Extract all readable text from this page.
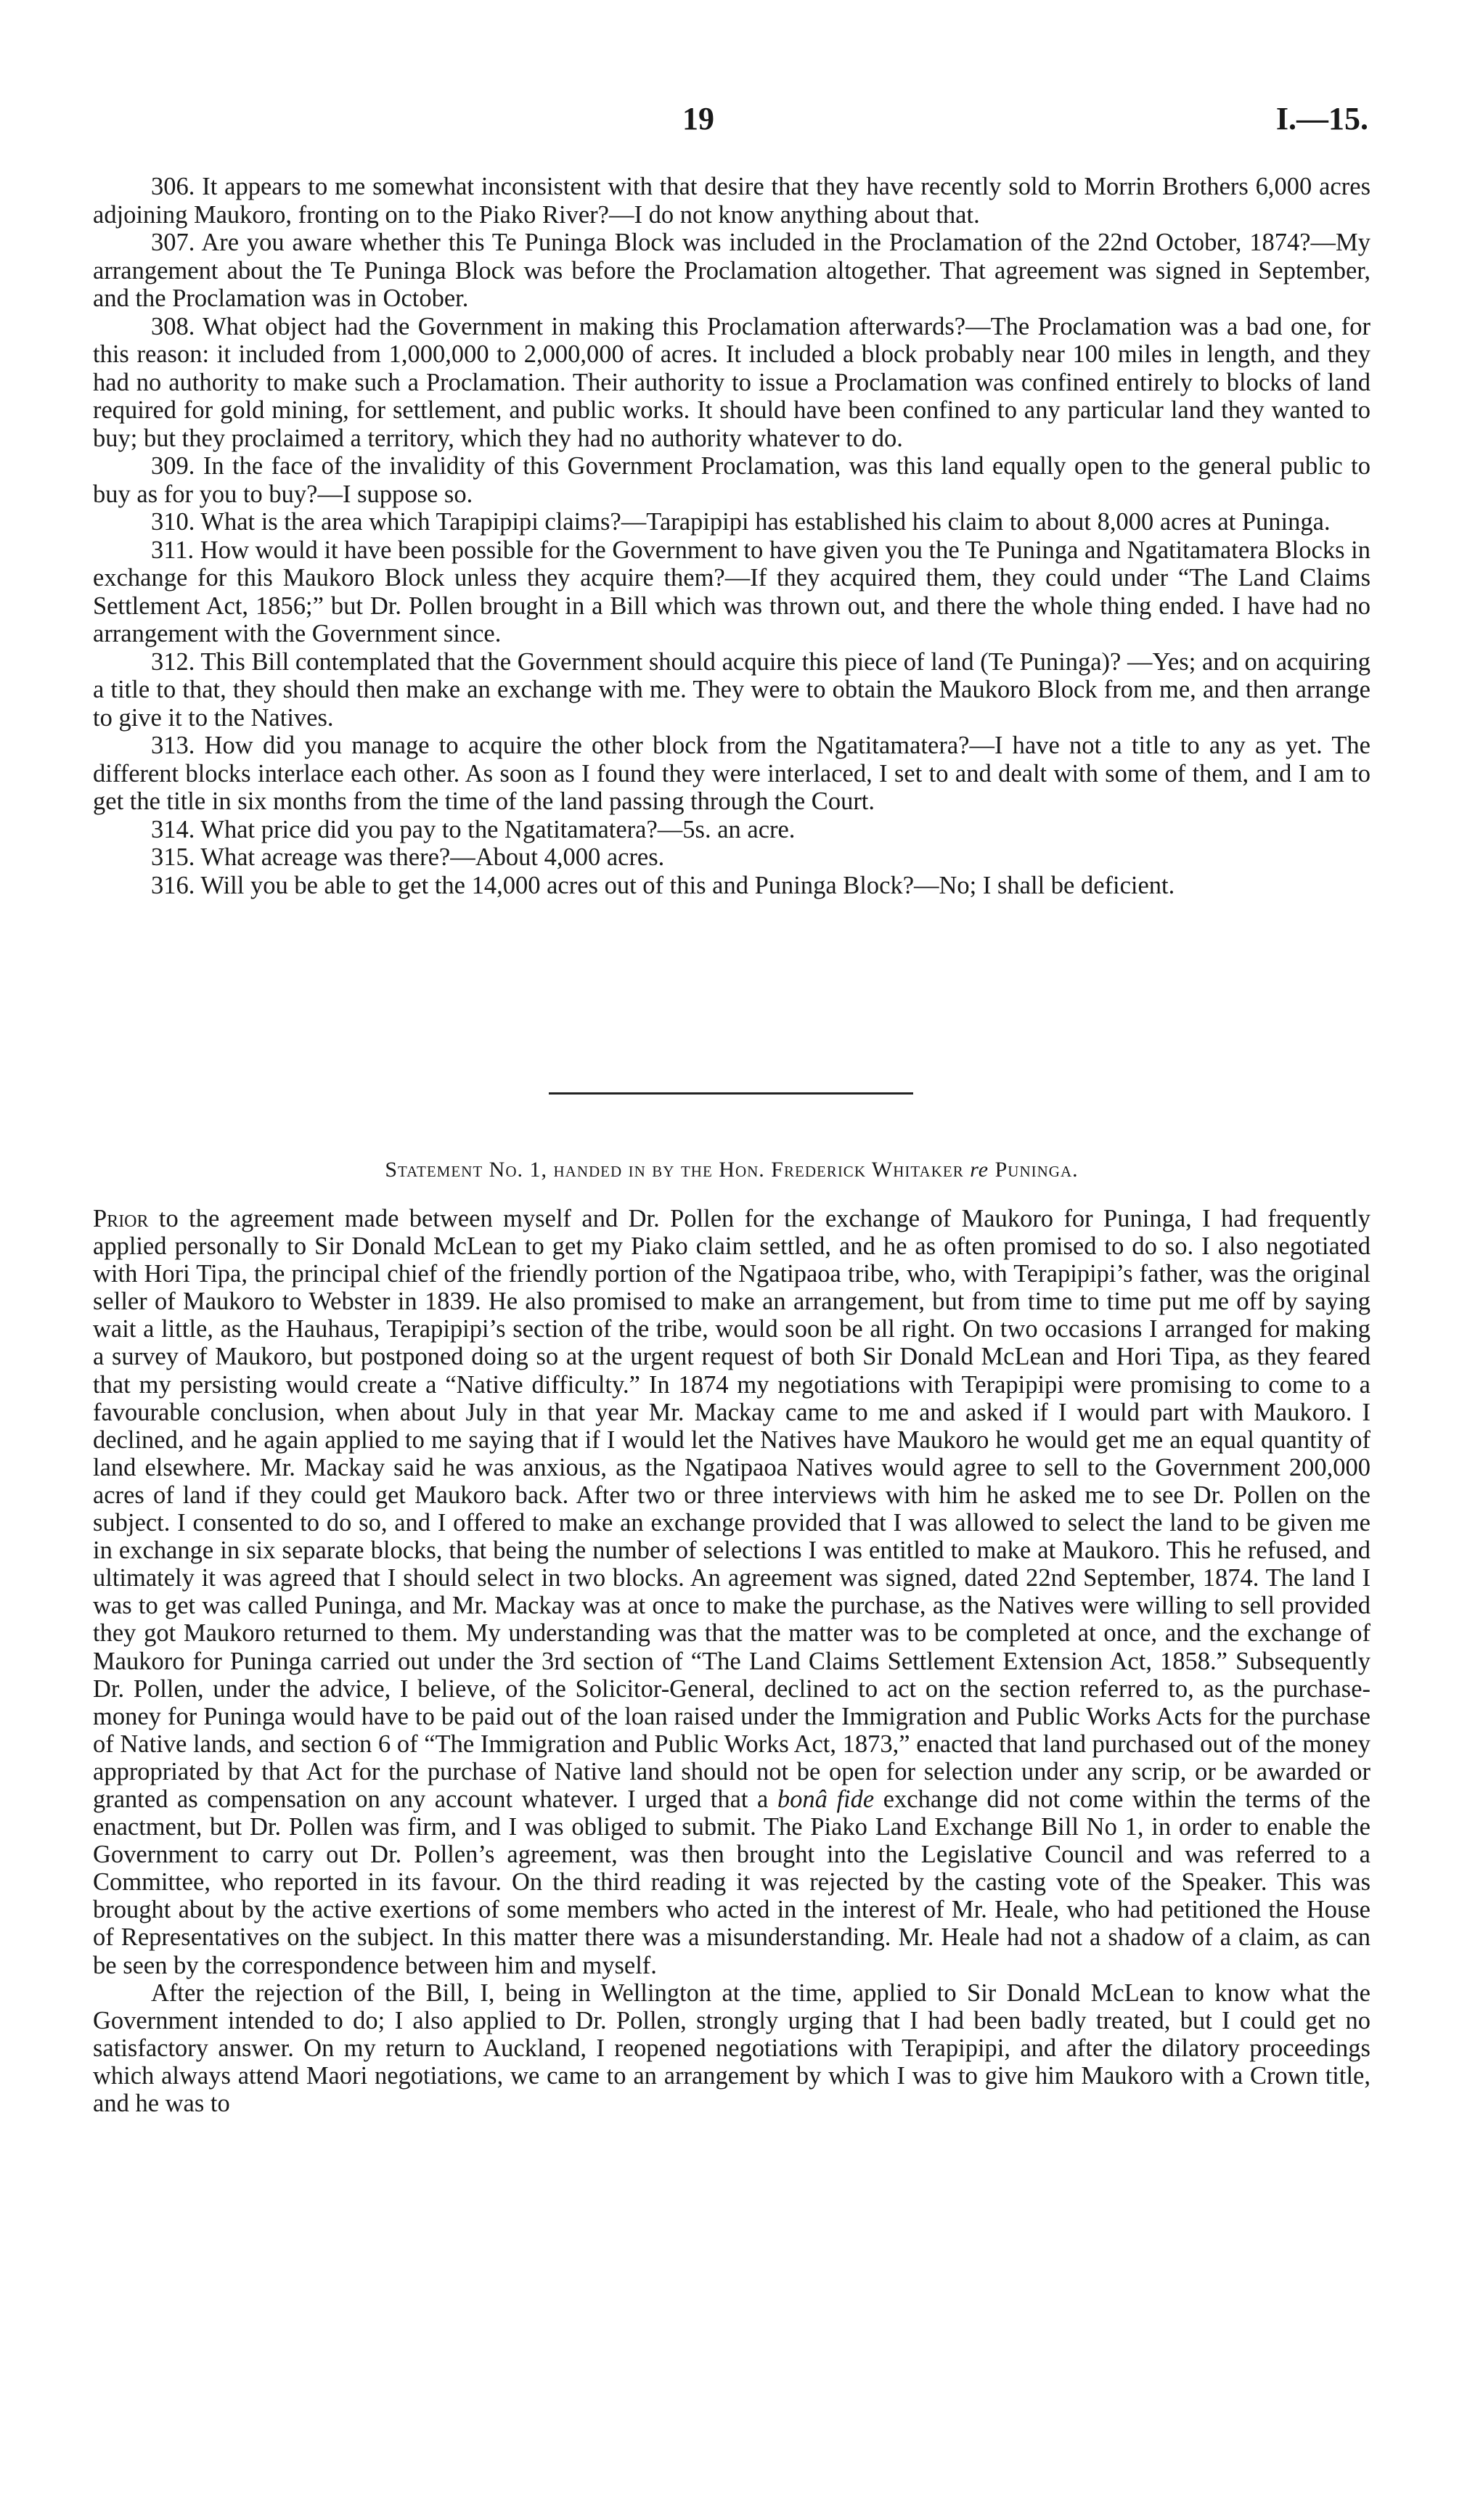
19	I.—15.

306. It appears to me somewhat inconsistent with that desire that they have recently sold to Morrin Brothers 6,000 acres adjoining Maukoro, fronting on to the Piako River?—I do not know anything about that.

307. Are you aware whether this Te Puninga Block was included in the Proclamation of the 22nd October, 1874?—My arrangement about the Te Puninga Block was before the Proclamation altogether. That agreement was signed in September, and the Proclamation was in October.

308. What object had the Government in making this Proclamation afterwards?—The Proclamation was a bad one, for this reason: it included from 1,000,000 to 2,000,000 of acres. It included a block probably near 100 miles in length, and they had no authority to make such a Proclamation. Their authority to issue a Proclamation was confined entirely to blocks of land required for gold mining, for settlement, and public works. It should have been confined to any particular land they wanted to buy; but they proclaimed a territory, which they had no authority whatever to do.

309. In the face of the invalidity of this Government Proclamation, was this land equally open to the general public to buy as for you to buy?—I suppose so.

310. What is the area which Tarapipipi claims?—Tarapipipi has established his claim to about 8,000 acres at Puninga.

311. How would it have been possible for the Government to have given you the Te Puninga and Ngatitamatera Blocks in exchange for this Maukoro Block unless they acquire them?—If they acquired them, they could under “The Land Claims Settlement Act, 1856;” but Dr. Pollen brought in a Bill which was thrown out, and there the whole thing ended. I have had no arrangement with the Government since.

312. This Bill contemplated that the Government should acquire this piece of land (Te Puninga)? —Yes; and on acquiring a title to that, they should then make an exchange with me. They were to obtain the Maukoro Block from me, and then arrange to give it to the Natives.

313. How did you manage to acquire the other block from the Ngatitamatera?—I have not a title to any as yet. The different blocks interlace each other. As soon as I found they were interlaced, I set to and dealt with some of them, and I am to get the title in six months from the time of the land passing through the Court.

314. What price did you pay to the Ngatitamatera?—5s. an acre.

315. What acreage was there?—About 4,000 acres.

316. Will you be able to get the 14,000 acres out of this and Puninga Block?—No; I shall be deficient.

Statement No. 1, handed in by the Hon. Frederick Whitaker re Puninga.

Prior to the agreement made between myself and Dr. Pollen for the exchange of Maukoro for Puninga, I had frequently applied personally to Sir Donald McLean to get my Piako claim settled, and he as often promised to do so. I also negotiated with Hori Tipa, the principal chief of the friendly portion of the Ngatipaoa tribe, who, with Terapipipi’s father, was the original seller of Maukoro to Webster in 1839. He also promised to make an arrangement, but from time to time put me off by saying wait a little, as the Hauhaus, Terapipipi’s section of the tribe, would soon be all right. On two occasions I arranged for making a survey of Maukoro, but postponed doing so at the urgent request of both Sir Donald McLean and Hori Tipa, as they feared that my persisting would create a “Native difficulty.” In 1874 my negotiations with Terapipipi were promising to come to a favourable conclusion, when about July in that year Mr. Mackay came to me and asked if I would part with Maukoro. I declined, and he again applied to me saying that if I would let the Natives have Maukoro he would get me an equal quantity of land elsewhere. Mr. Mackay said he was anxious, as the Ngatipaoa Natives would agree to sell to the Government 200,000 acres of land if they could get Maukoro back. After two or three interviews with him he asked me to see Dr. Pollen on the subject. I consented to do so, and I offered to make an exchange provided that I was allowed to select the land to be given me in exchange in six separate blocks, that being the number of selections I was entitled to make at Maukoro. This he refused, and ultimately it was agreed that I should select in two blocks. An agreement was signed, dated 22nd September, 1874. The land I was to get was called Puninga, and Mr. Mackay was at once to make the purchase, as the Natives were willing to sell provided they got Maukoro returned to them. My understanding was that the matter was to be completed at once, and the exchange of Maukoro for Puninga carried out under the 3rd section of “The Land Claims Settlement Extension Act, 1858.” Subsequently Dr. Pollen, under the advice, I believe, of the Solicitor-General, declined to act on the section referred to, as the purchase-money for Puninga would have to be paid out of the loan raised under the Immigration and Public Works Acts for the purchase of Native lands, and section 6 of “The Immigration and Public Works Act, 1873,” enacted that land purchased out of the money appropriated by that Act for the purchase of Native land should not be open for selection under any scrip, or be awarded or granted as compensation on any account whatever. I urged that a bonâ fide exchange did not come within the terms of the enactment, but Dr. Pollen was firm, and I was obliged to submit. The Piako Land Exchange Bill No 1, in order to enable the Government to carry out Dr. Pollen’s agreement, was then brought into the Legislative Council and was referred to a Committee, who reported in its favour. On the third reading it was rejected by the casting vote of the Speaker. This was brought about by the active exertions of some members who acted in the interest of Mr. Heale, who had petitioned the House of Representatives on the subject. In this matter there was a misunderstanding. Mr. Heale had not a shadow of a claim, as can be seen by the correspondence between him and myself.

After the rejection of the Bill, I, being in Wellington at the time, applied to Sir Donald McLean to know what the Government intended to do; I also applied to Dr. Pollen, strongly urging that I had been badly treated, but I could get no satisfactory answer. On my return to Auckland, I reopened negotiations with Terapipipi, and after the dilatory proceedings which always attend Maori negotiations, we came to an arrangement by which I was to give him Maukoro with a Crown title, and he was to
